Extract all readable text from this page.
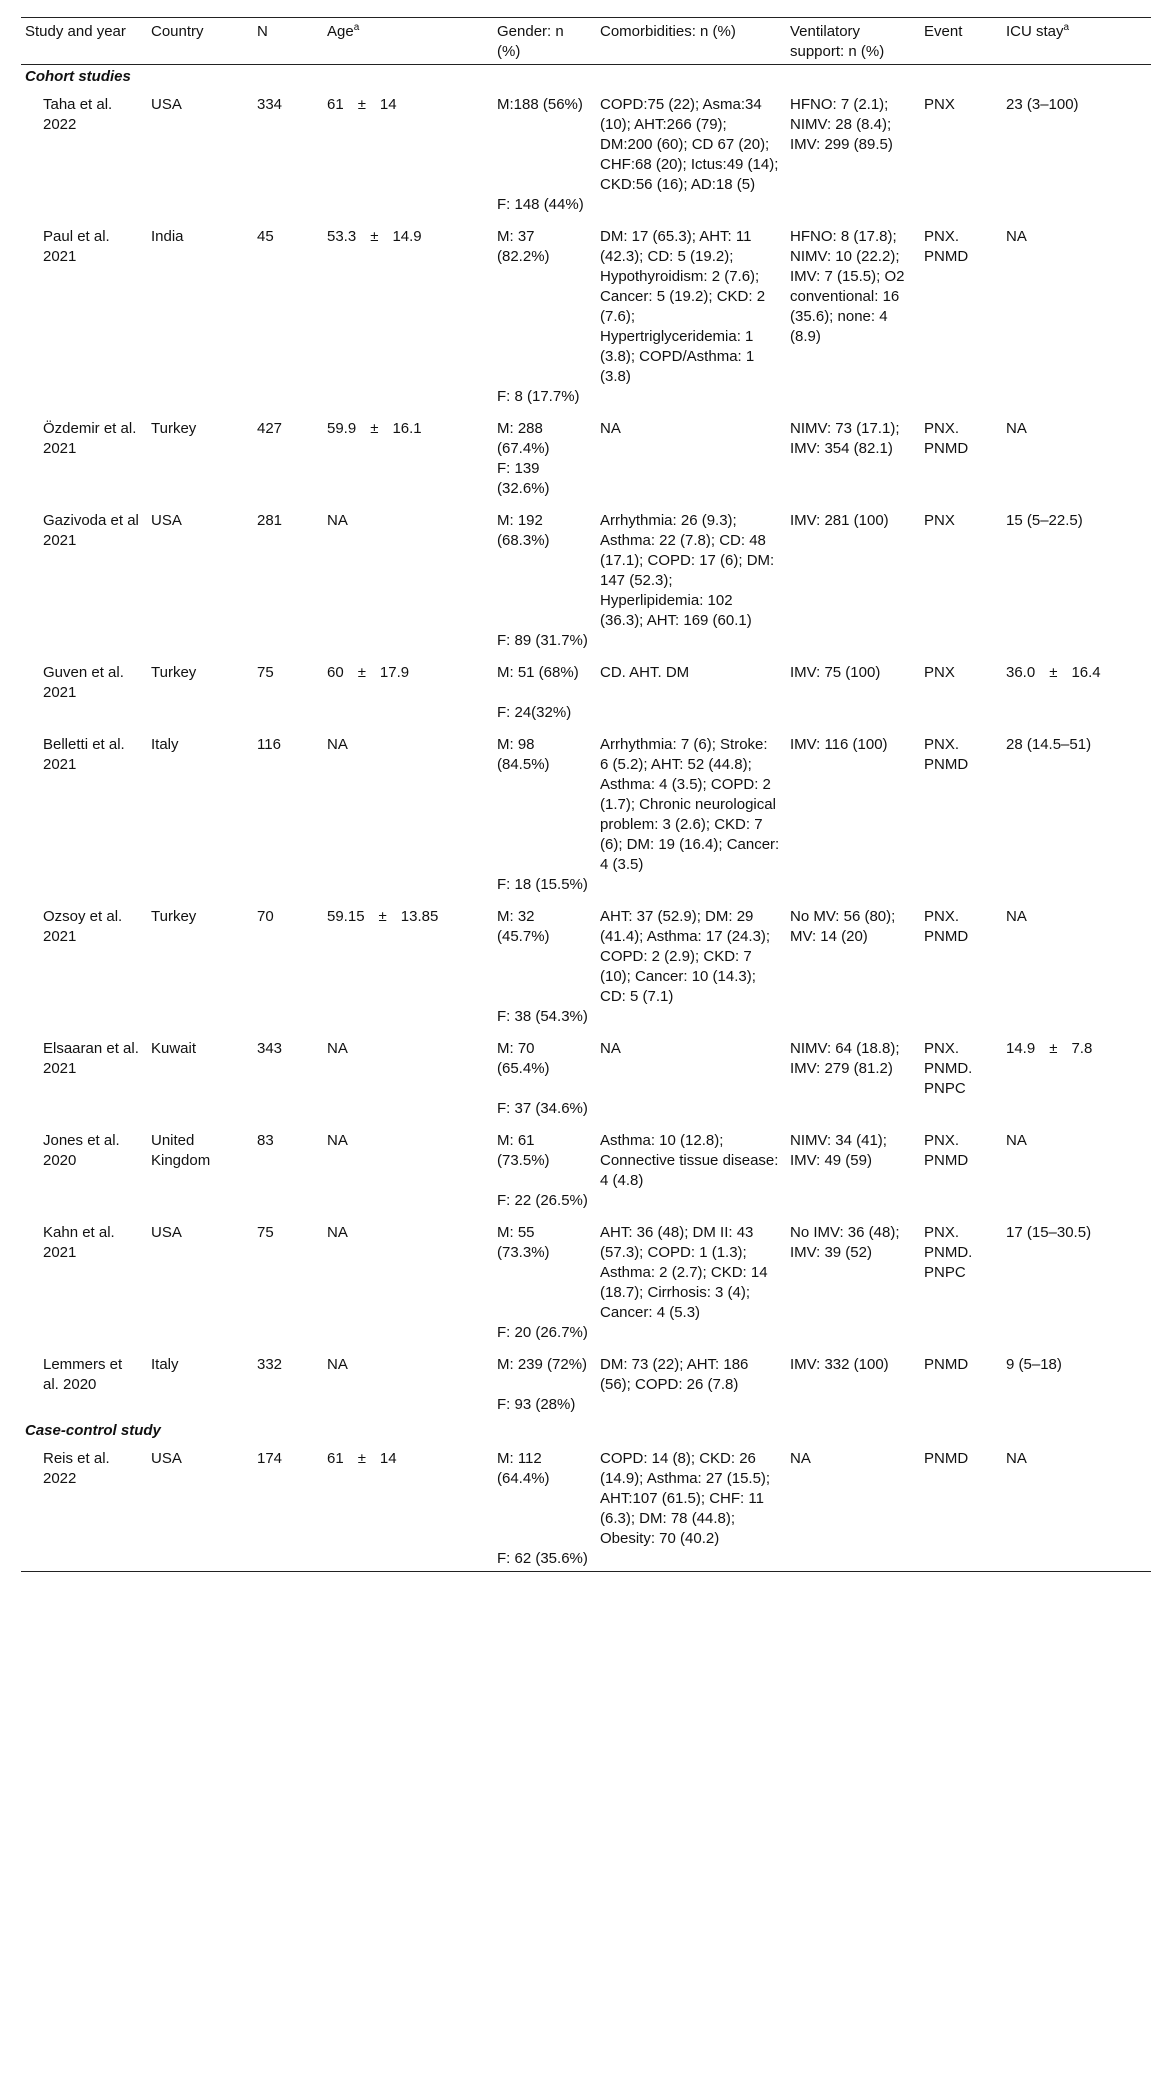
Study and year	Country	N	Age$^a$	Gender: n (%)	Comorbidities: n (%)	Ventilatory support: n (%)	Event	ICU stay$^a$
Cohort studies								
Taha et al. 2022	USA	334	61 ± 14	M:188 (56%)	COPD:75 (22); Asma:34 (10); AHT:266 (79); DM:200 (60); CD 67 (20); CHF:68 (20); Ictus:49 (14); CKD:56 (16); AD:18 (5)	HFNO: 7 (2.1); NIMV: 28 (8.4); IMV: 299 (89.5)	PNX	23 (3–100)
				F: 148 (44%)				
Paul et al. 2021	India	45	53.3 ± 14.9	M: 37 (82.2%)	DM: 17 (65.3); AHT: 11 (42.3); CD: 5 (19.2); Hypothyroidism: 2 (7.6); Cancer: 5 (19.2); CKD: 2 (7.6); Hypertriglyceridemia: 1 (3.8); COPD/Asthma: 1 (3.8)	HFNO: 8 (17.8); NIMV: 10 (22.2); IMV: 7 (15.5); O2 conventional: 16 (35.6); none: 4 (8.9)	PNX. PNMD	NA
				F: 8 (17.7%)				
Özdemir et al. 2021	Turkey	427	59.9 ± 16.1	M: 288 (67.4%)	NA	NIMV: 73 (17.1); IMV: 354 (82.1)	PNX. PNMD	NA
				F: 139 (32.6%)				
Gazivoda et al 2021	USA	281	NA	M: 192 (68.3%)	Arrhythmia: 26 (9.3); Asthma: 22 (7.8); CD: 48 (17.1); COPD: 17 (6); DM: 147 (52.3); Hyperlipidemia: 102 (36.3); AHT: 169 (60.1)	IMV: 281 (100)	PNX	15 (5–22.5)
				F: 89 (31.7%)				
Guven et al. 2021	Turkey	75	60 ± 17.9	M: 51 (68%)	CD. AHT. DM	IMV: 75 (100)	PNX	36.0 ± 16.4
				F: 24(32%)				
Belletti et al. 2021	Italy	116	NA	M: 98 (84.5%)	Arrhythmia: 7 (6); Stroke: 6 (5.2); AHT: 52 (44.8); Asthma: 4 (3.5); COPD: 2 (1.7); Chronic neurological problem: 3 (2.6); CKD: 7 (6); DM: 19 (16.4); Cancer: 4 (3.5)	IMV: 116 (100)	PNX. PNMD	28 (14.5–51)
				F: 18 (15.5%)				
Ozsoy et al. 2021	Turkey	70	59.15 ± 13.85	M: 32 (45.7%)	AHT: 37 (52.9); DM: 29 (41.4); Asthma: 17 (24.3); COPD: 2 (2.9); CKD: 7 (10); Cancer: 10 (14.3); CD: 5 (7.1)	No MV: 56 (80); MV: 14 (20)	PNX. PNMD	NA
				F: 38 (54.3%)				
Elsaaran et al. 2021	Kuwait	343	NA	M: 70 (65.4%)	NA	NIMV: 64 (18.8); IMV: 279 (81.2)	PNX. PNMD. PNPC	14.9 ± 7.8
				F: 37 (34.6%)				
Jones et al. 2020	United Kingdom	83	NA	M: 61 (73.5%)	Asthma: 10 (12.8); Connective tissue disease: 4 (4.8)	NIMV: 34 (41); IMV: 49 (59)	PNX. PNMD	NA
				F: 22 (26.5%)				
Kahn et al. 2021	USA	75	NA	M: 55 (73.3%)	AHT: 36 (48); DM II: 43 (57.3); COPD: 1 (1.3); Asthma: 2 (2.7); CKD: 14 (18.7); Cirrhosis: 3 (4); Cancer: 4 (5.3)	No IMV: 36 (48); IMV: 39 (52)	PNX. PNMD. PNPC	17 (15–30.5)
				F: 20 (26.7%)				
Lemmers et al. 2020	Italy	332	NA	M: 239 (72%)	DM: 73 (22); AHT: 186 (56); COPD: 26 (7.8)	IMV: 332 (100)	PNMD	9 (5–18)
				F: 93 (28%)				
Case-control study								
Reis et al. 2022	USA	174	61 ± 14	M: 112 (64.4%)	COPD: 14 (8); CKD: 26 (14.9); Asthma: 27 (15.5); AHT:107 (61.5); CHF: 11 (6.3); DM: 78 (44.8); Obesity: 70 (40.2)	NA	PNMD	NA
				F: 62 (35.6%)				
